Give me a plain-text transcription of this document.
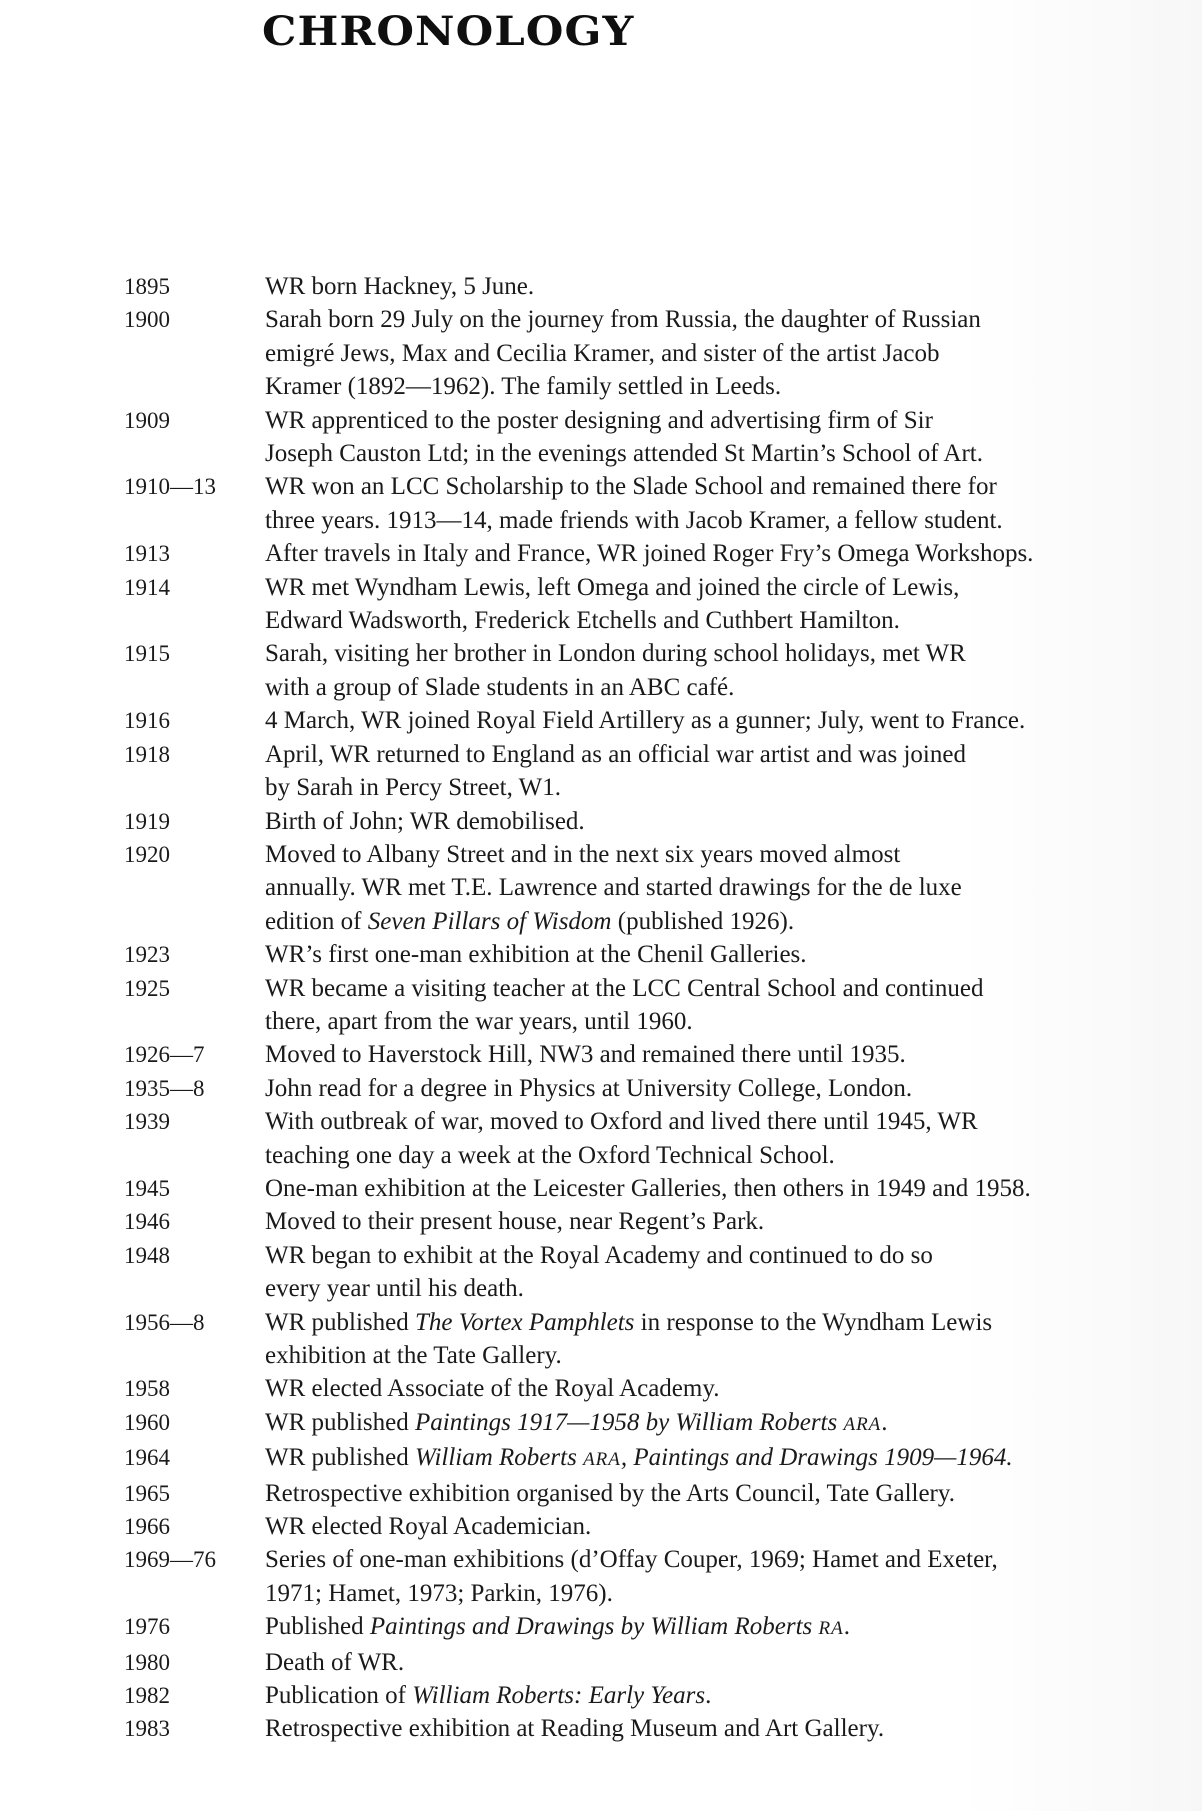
CHRONOLOGY
1895	WR born Hackney, 5 June.
1900	Sarah born 29 July on the journey from Russia, the daughter of Russian
emigré Jews, Max and Cecilia Kramer, and sister of the artist Jacob
Kramer (1892—1962). The family settled in Leeds.
1909	WR apprenticed to the poster designing and advertising firm of Sir
Joseph Causton Ltd; in the evenings attended St Martin’s School of Art.
1910—13	WR won an LCC Scholarship to the Slade School and remained there for
three years. 1913—14, made friends with Jacob Kramer, a fellow student.
1913	After travels in Italy and France, WR joined Roger Fry’s Omega Workshops.
1914	WR met Wyndham Lewis, left Omega and joined the circle of Lewis,
Edward Wadsworth, Frederick Etchells and Cuthbert Hamilton.
1915	Sarah, visiting her brother in London during school holidays, met WR
with a group of Slade students in an ABC café.
1916	4 March, WR joined Royal Field Artillery as a gunner; July, went to France.
1918	April, WR returned to England as an official war artist and was joined
by Sarah in Percy Street, W1.
1919	Birth of John; WR demobilised.
1920	Moved to Albany Street and in the next six years moved almost
annually. WR met T.E. Lawrence and started drawings for the de luxe
edition of Seven Pillars of Wisdom (published 1926).
1923	WR’s first one-man exhibition at the Chenil Galleries.
1925	WR became a visiting teacher at the LCC Central School and continued
there, apart from the war years, until 1960.
1926—7	Moved to Haverstock Hill, NW3 and remained there until 1935.
1935—8	John read for a degree in Physics at University College, London.
1939	With outbreak of war, moved to Oxford and lived there until 1945, WR
teaching one day a week at the Oxford Technical School.
1945	One-man exhibition at the Leicester Galleries, then others in 1949 and 1958.
1946	Moved to their present house, near Regent’s Park.
1948	WR began to exhibit at the Royal Academy and continued to do so
every year until his death.
1956—8	WR published The Vortex Pamphlets in response to the Wyndham Lewis
exhibition at the Tate Gallery.
1958	WR elected Associate of the Royal Academy.
1960	WR published Paintings 1917—1958 by William Roberts ARA.
1964	WR published William Roberts ARA, Paintings and Drawings 1909—1964.
1965	Retrospective exhibition organised by the Arts Council, Tate Gallery.
1966	WR elected Royal Academician.
1969—76	Series of one-man exhibitions (d’Offay Couper, 1969; Hamet and Exeter,
1971; Hamet, 1973; Parkin, 1976).
1976	Published Paintings and Drawings by William Roberts RA.
1980	Death of WR.
1982	Publication of William Roberts: Early Years.
1983	Retrospective exhibition at Reading Museum and Art Gallery.
